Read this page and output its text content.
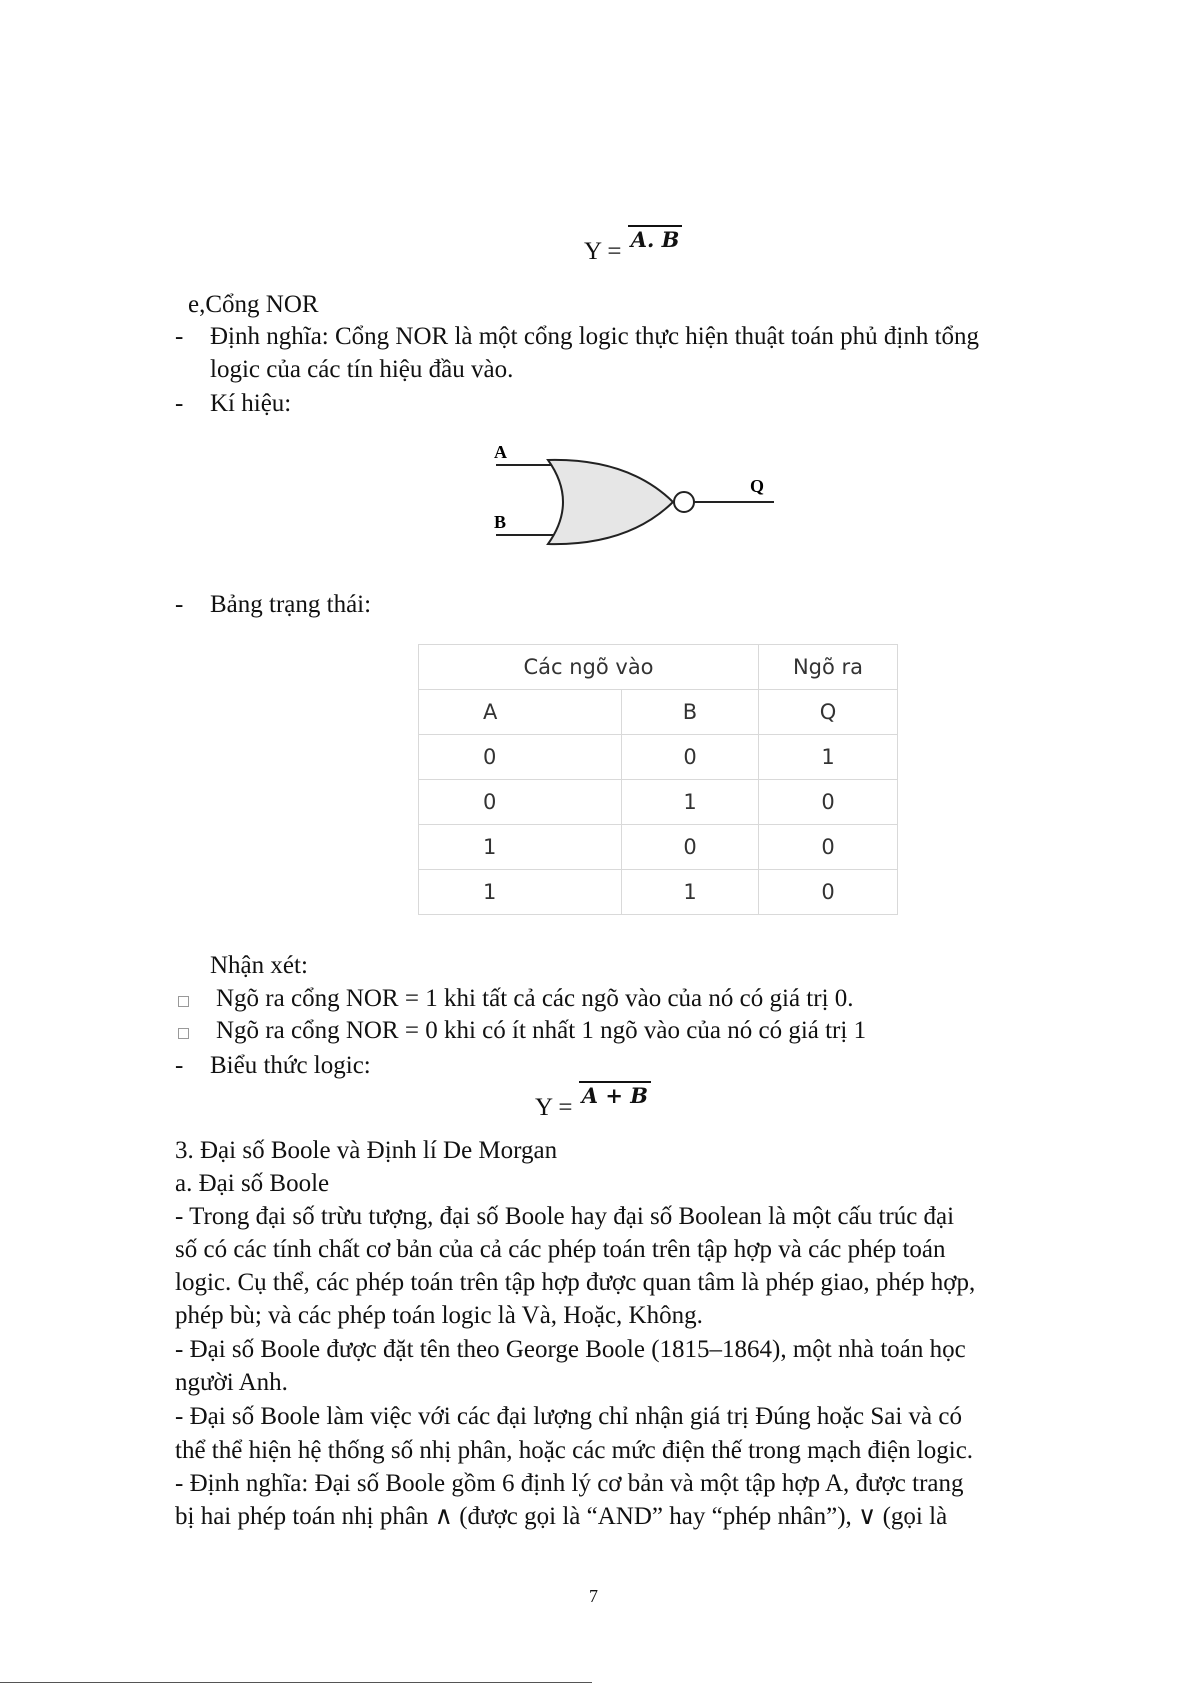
Y = $^{A. B}$
e,Cổng NOR
- Định nghĩa: Cổng NOR là một cổng logic thực hiện thuật toán phủ định tổng
logic của các tín hiệu đầu vào.
- Kí hiệu:
A
B
Q
- Bảng trạng thái:
Các ngõ vào		Ngõ ra
A	B	Q
0	0	1
0	1	0
1	0	0
1	1	0
Nhận xét:
Ngõ ra cổng NOR = 1 khi tất cả các ngõ vào của nó có giá trị 0.
Ngõ ra cổng NOR = 0 khi có ít nhất 1 ngõ vào của nó có giá trị 1
- Biểu thức logic:
Y = $^{A + B}$
3. Đại số Boole và Định lí De Morgan
a. Đại số Boole
- Trong đại số trừu tượng, đại số Boole hay đại số Boolean là một cấu trúc đại
số có các tính chất cơ bản của cả các phép toán trên tập hợp và các phép toán
logic. Cụ thể, các phép toán trên tập hợp được quan tâm là phép giao, phép hợp,
phép bù; và các phép toán logic là Và, Hoặc, Không.
- Đại số Boole được đặt tên theo George Boole (1815–1864), một nhà toán học
người Anh.
- Đại số Boole làm việc với các đại lượng chỉ nhận giá trị Đúng hoặc Sai và có
thể thể hiện hệ thống số nhị phân, hoặc các mức điện thế trong mạch điện logic.
- Định nghĩa: Đại số Boole gồm 6 định lý cơ bản và một tập hợp A, được trang
bị hai phép toán nhị phân ∧ (được gọi là “AND” hay “phép nhân”), ∨ (gọi là
7
